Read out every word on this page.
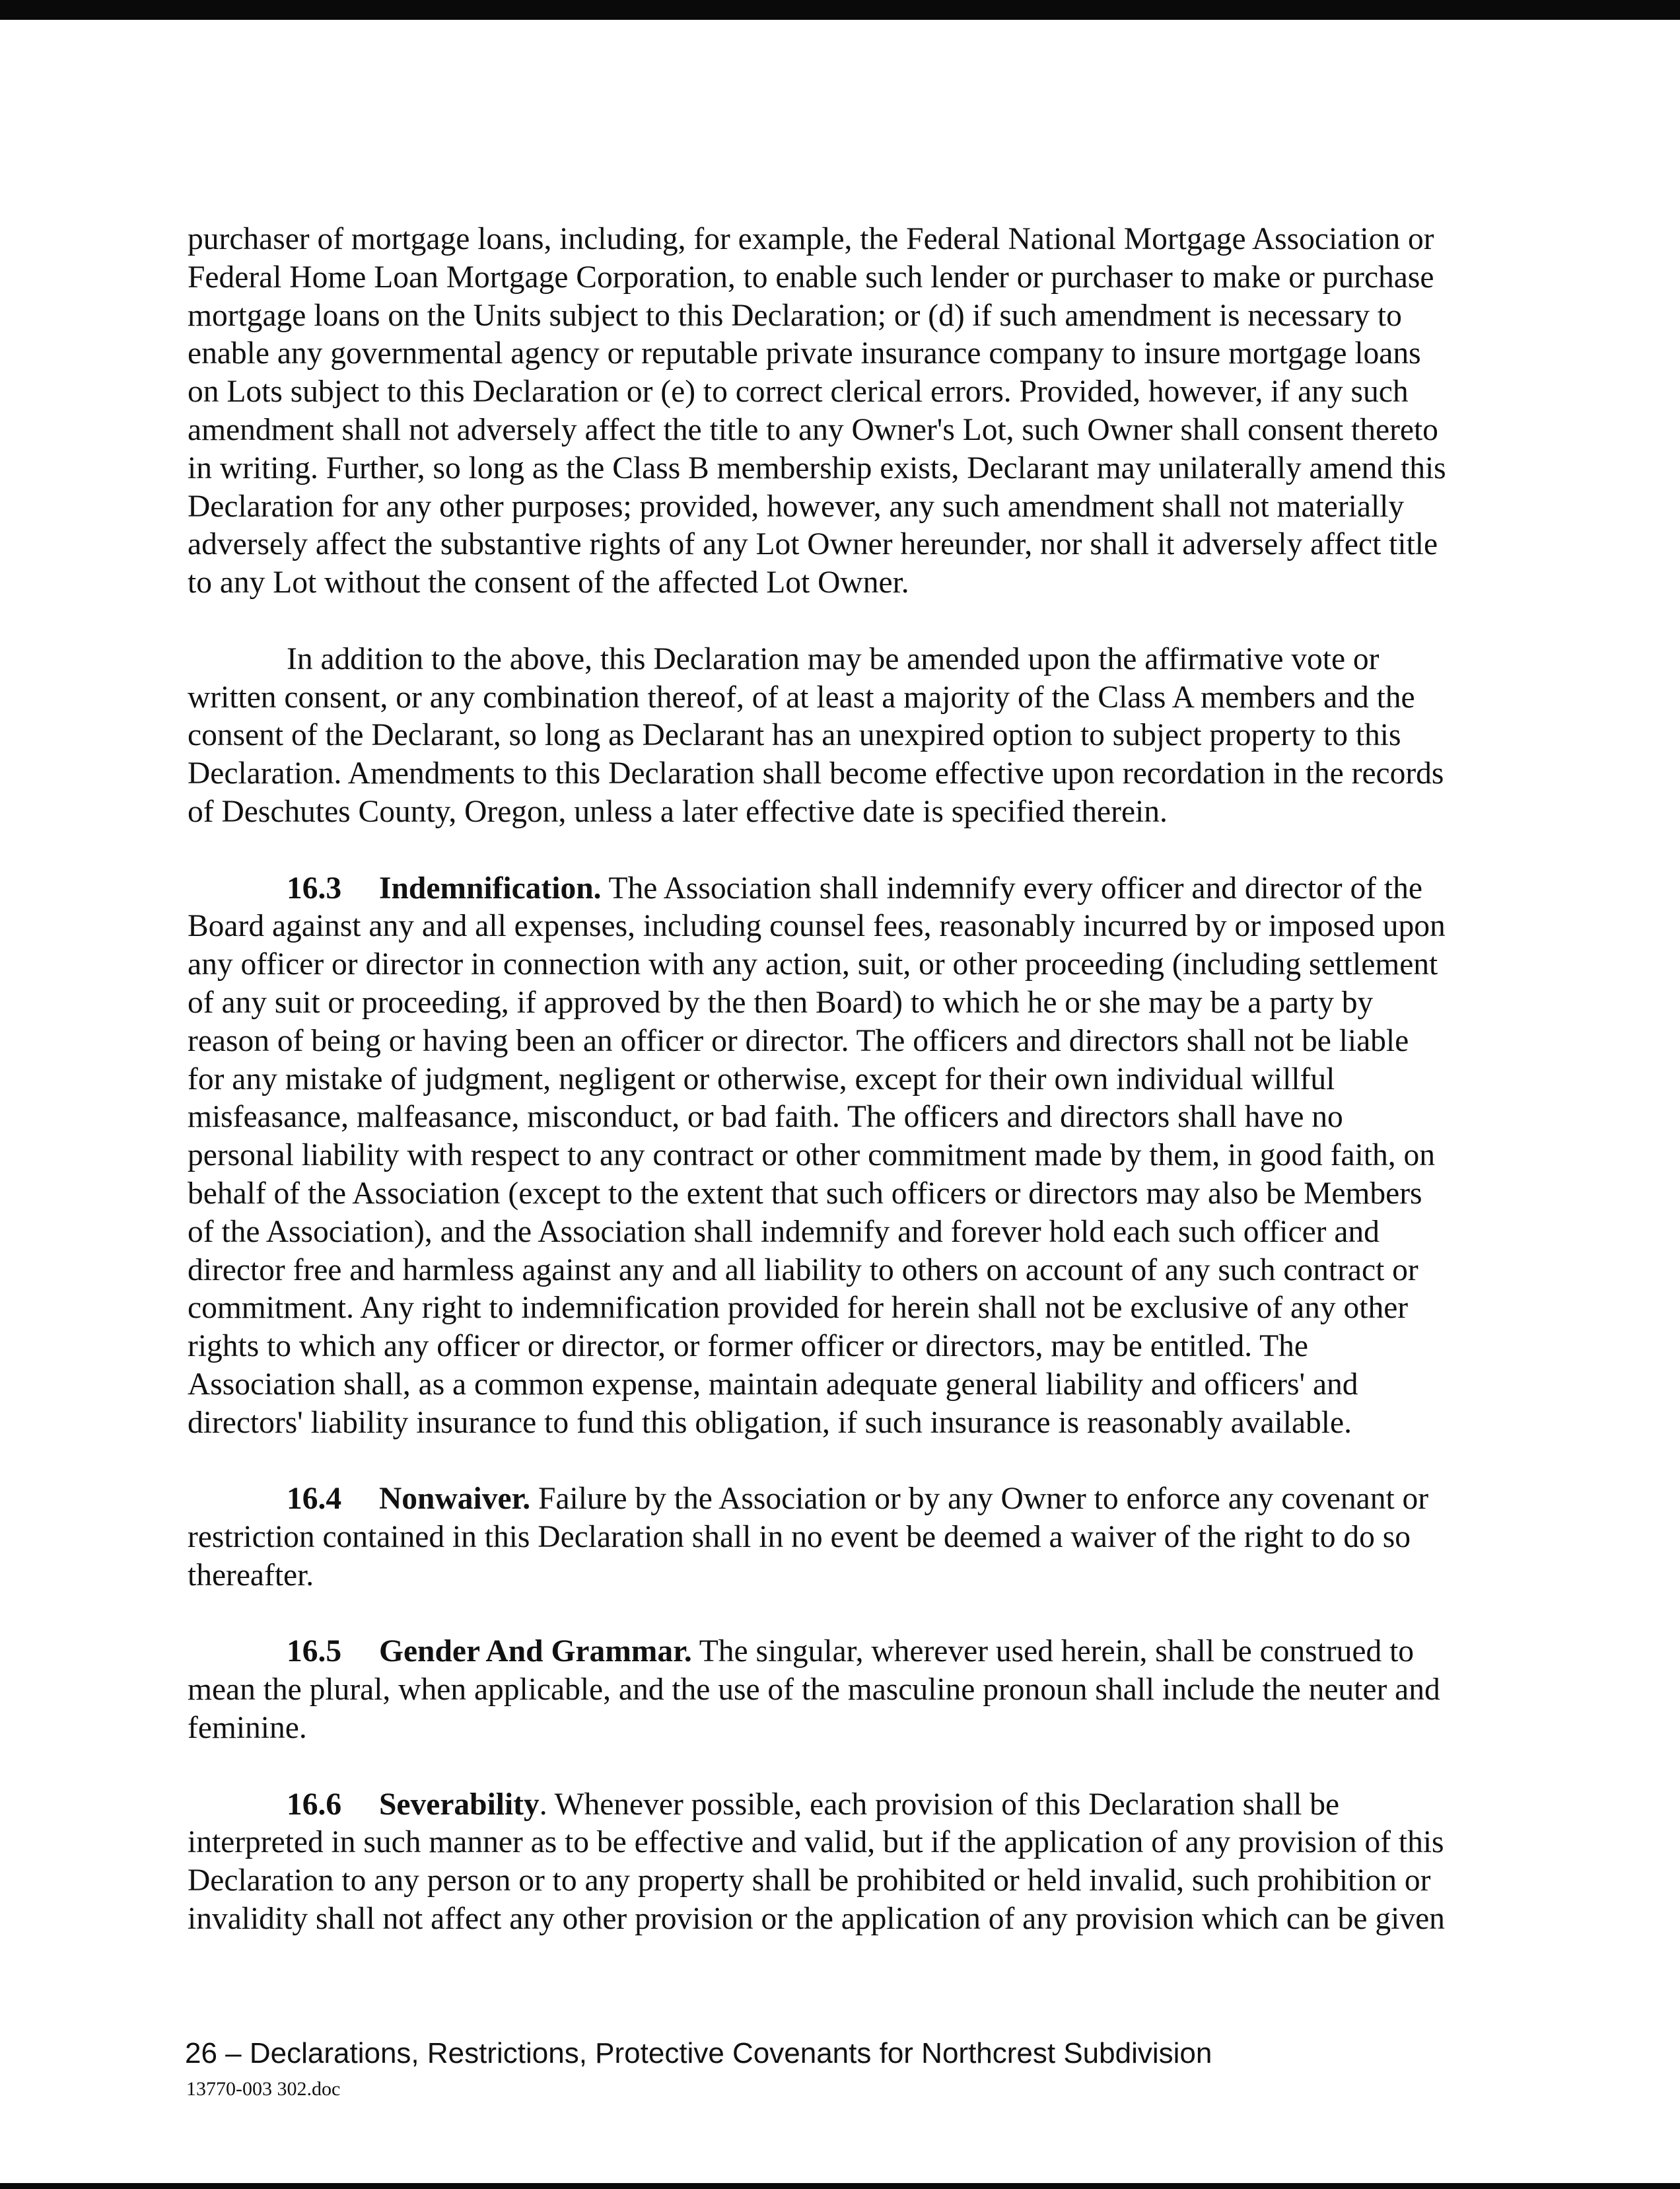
purchaser of mortgage loans, including, for example, the Federal National Mortgage Association or
Federal Home Loan Mortgage Corporation, to enable such lender or purchaser to make or purchase
mortgage loans on the Units subject to this Declaration; or (d) if such amendment is necessary to
enable any governmental agency or reputable private insurance company to insure mortgage loans
on Lots subject to this Declaration or (e) to correct clerical errors. Provided, however, if any such
amendment shall not adversely affect the title to any Owner's Lot, such Owner shall consent thereto
in writing. Further, so long as the Class B membership exists, Declarant may unilaterally amend this
Declaration for any other purposes; provided, however, any such amendment shall not materially
adversely affect the substantive rights of any Lot Owner hereunder, nor shall it adversely affect title
to any Lot without the consent of the affected Lot Owner.

In addition to the above, this Declaration may be amended upon the affirmative vote or
written consent, or any combination thereof, of at least a majority of the Class A members and the
consent of the Declarant, so long as Declarant has an unexpired option to subject property to this
Declaration. Amendments to this Declaration shall become effective upon recordation in the records
of Deschutes County, Oregon, unless a later effective date is specified therein.

16.3 Indemnification. The Association shall indemnify every officer and director of the
Board against any and all expenses, including counsel fees, reasonably incurred by or imposed upon
any officer or director in connection with any action, suit, or other proceeding (including settlement
of any suit or proceeding, if approved by the then Board) to which he or she may be a party by
reason of being or having been an officer or director. The officers and directors shall not be liable
for any mistake of judgment, negligent or otherwise, except for their own individual willful
misfeasance, malfeasance, misconduct, or bad faith. The officers and directors shall have no
personal liability with respect to any contract or other commitment made by them, in good faith, on
behalf of the Association (except to the extent that such officers or directors may also be Members
of the Association), and the Association shall indemnify and forever hold each such officer and
director free and harmless against any and all liability to others on account of any such contract or
commitment. Any right to indemnification provided for herein shall not be exclusive of any other
rights to which any officer or director, or former officer or directors, may be entitled. The
Association shall, as a common expense, maintain adequate general liability and officers' and
directors' liability insurance to fund this obligation, if such insurance is reasonably available.

16.4 Nonwaiver. Failure by the Association or by any Owner to enforce any covenant or
restriction contained in this Declaration shall in no event be deemed a waiver of the right to do so
thereafter.

16.5 Gender And Grammar. The singular, wherever used herein, shall be construed to
mean the plural, when applicable, and the use of the masculine pronoun shall include the neuter and
feminine.

16.6 Severability. Whenever possible, each provision of this Declaration shall be
interpreted in such manner as to be effective and valid, but if the application of any provision of this
Declaration to any person or to any property shall be prohibited or held invalid, such prohibition or
invalidity shall not affect any other provision or the application of any provision which can be given

26 – Declarations, Restrictions, Protective Covenants for Northcrest Subdivision
13770-003 302.doc
